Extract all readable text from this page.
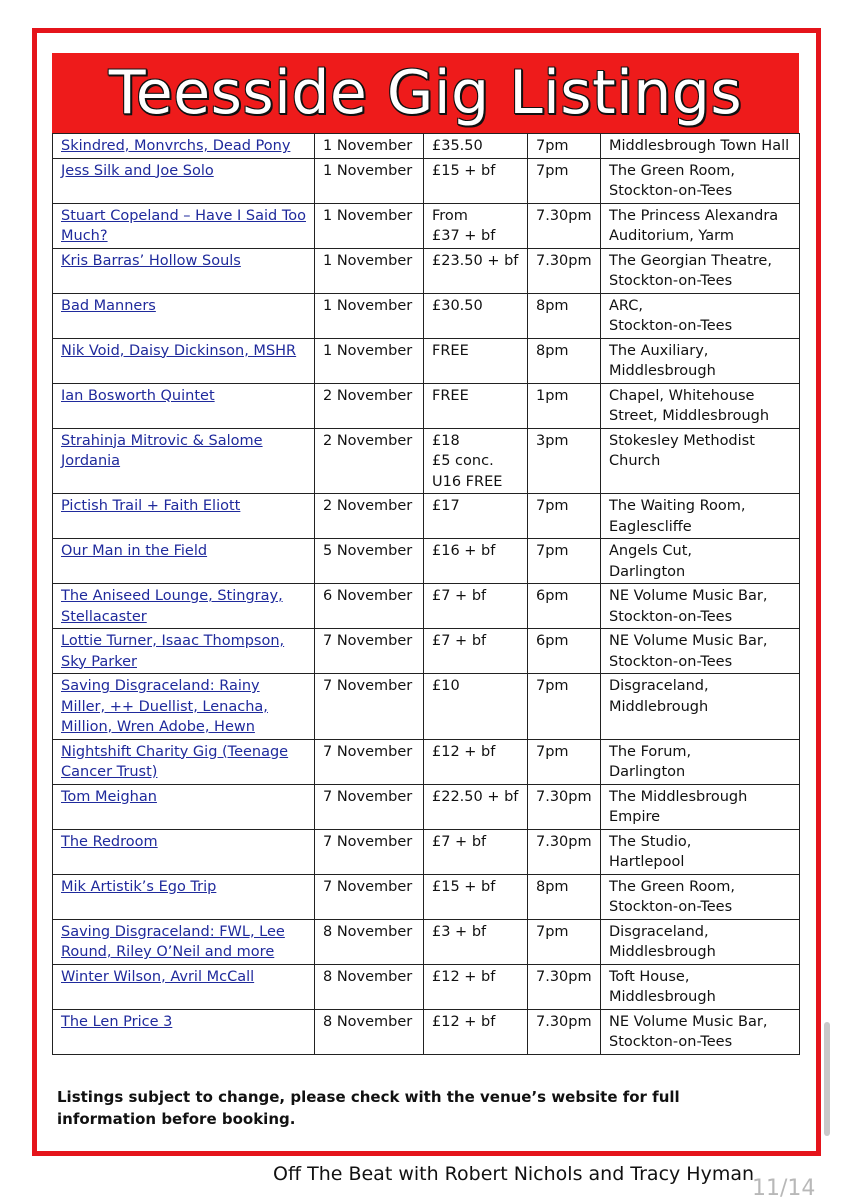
Teesside Gig Listings
Skindred, Monvrchs, Dead Pony	1 November	£35.50	7pm	Middlesbrough Town Hall
Jess Silk and Joe Solo	1 November	£15 + bf	7pm	The Green Room,
Stockton-on-Tees
Stuart Copeland – Have I Said Too Much?	1 November	From
£37 + bf	7.30pm	The Princess Alexandra Auditorium, Yarm
Kris Barras’ Hollow Souls	1 November	£23.50 + bf	7.30pm	The Georgian Theatre,
Stockton-on-Tees
Bad Manners	1 November	£30.50	8pm	ARC,
Stockton-on-Tees
Nik Void, Daisy Dickinson, MSHR	1 November	FREE	8pm	The Auxiliary,
Middlesbrough
Ian Bosworth Quintet	2 November	FREE	1pm	Chapel, Whitehouse Street, Middlesbrough
Strahinja Mitrovic & Salome Jordania	2 November	£18
£5 conc.
U16 FREE	3pm	Stokesley Methodist Church
Pictish Trail + Faith Eliott	2 November	£17	7pm	The Waiting Room,
Eaglescliffe
Our Man in the Field	5 November	£16 + bf	7pm	Angels Cut,
Darlington
The Aniseed Lounge, Stingray, Stellacaster	6 November	£7 + bf	6pm	NE Volume Music Bar,
Stockton-on-Tees
Lottie Turner, Isaac Thompson, Sky Parker	7 November	£7 + bf	6pm	NE Volume Music Bar,
Stockton-on-Tees
Saving Disgraceland: Rainy Miller, ++ Duellist, Lenacha, Million, Wren Adobe, Hewn	7 November	£10	7pm	Disgraceland,
Middlebrough
Nightshift Charity Gig (Teenage Cancer Trust)	7 November	£12 + bf	7pm	The Forum,
Darlington
Tom Meighan	7 November	£22.50 + bf	7.30pm	The Middlesbrough Empire
The Redroom	7 November	£7 + bf	7.30pm	The Studio,
Hartlepool
Mik Artistik’s Ego Trip	7 November	£15 + bf	8pm	The Green Room,
Stockton-on-Tees
Saving Disgraceland: FWL, Lee Round, Riley O’Neil and more	8 November	£3 + bf	7pm	Disgraceland,
Middlesbrough
Winter Wilson, Avril McCall	8 November	£12 + bf	7.30pm	Toft House,
Middlesbrough
The Len Price 3	8 November	£12 + bf	7.30pm	NE Volume Music Bar,
Stockton-on-Tees

Listings subject to change, please check with the venue’s website for full information before booking.

Off The Beat with Robert Nichols and Tracy Hyman
11/14
